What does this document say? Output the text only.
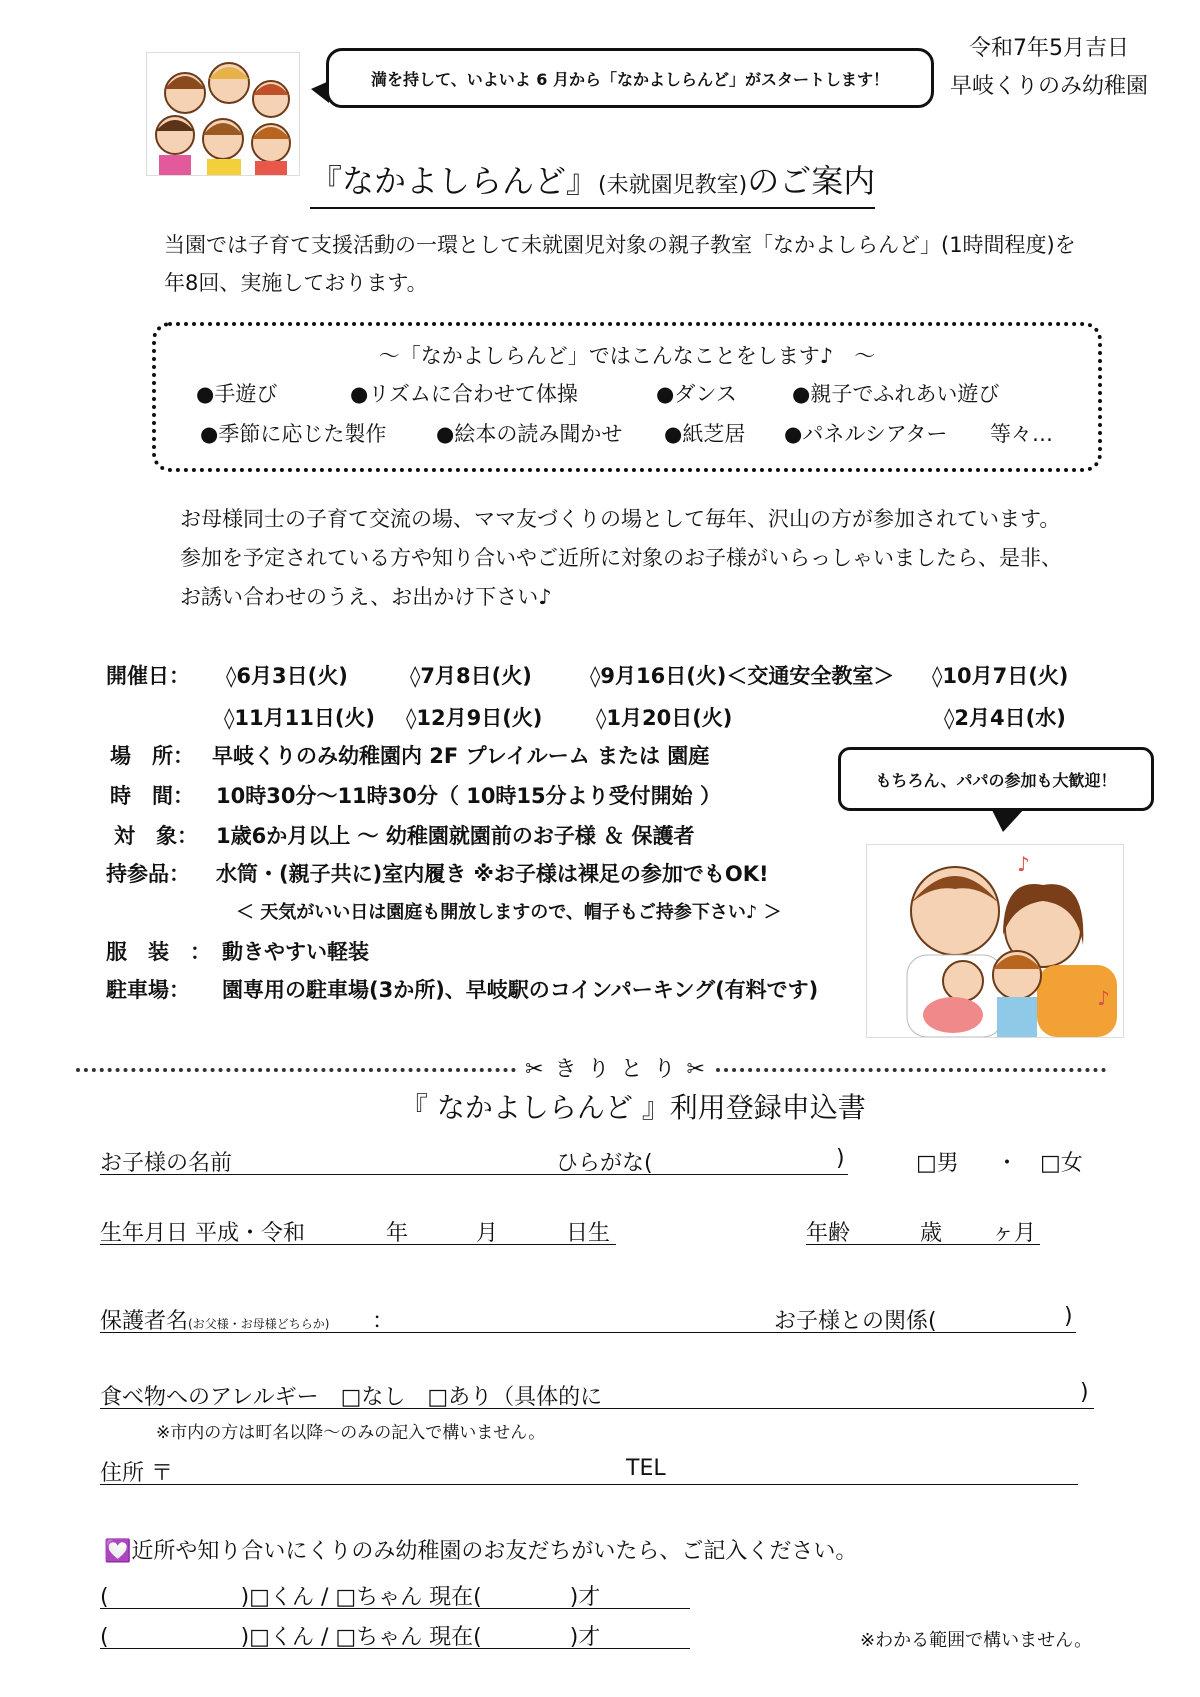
満を持して、いよいよ 6 月から「なかよしらんど」がスタートします！
令和7年5月吉日
早岐くりのみ幼稚園
『なかよしらんど』(未就園児教室)のご案内
当園では子育て支援活動の一環として未就園児対象の親子教室「なかよしらんど」(1時間程度)を
年8回、実施しております。
～「なかよしらんど」ではこんなことをします♪　～
●手遊び	●リズムに合わせて体操	●ダンス	●親子でふれあい遊び
●季節に応じた製作 ●絵本の読み聞かせ ●紙芝居 ●パネルシアター 等々…
お母様同士の子育て交流の場、ママ友づくりの場として毎年、沢山の方が参加されています。
参加を予定されている方や知り合いやご近所に対象のお子様がいらっしゃいましたら、是非、
お誘い合わせのうえ、お出かけ下さい♪
開催日： ◊6月3日(火)	◊7月8日(火)	◊9月16日(火)＜交通安全教室＞ ◊10月7日(火)
◊11月11日(火) ◊12月9日(火)	◊1月20日(火)	◊2月4日(水)
場　所： 早岐くりのみ幼稚園内 2F プレイルーム または 園庭
時　間： 10時30分～11時30分（ 10時15分より受付開始 ）
対　象： 1歳6か月以上 ～ 幼稚園就園前のお子様 ＆ 保護者
持参品： 水筒・(親子共に)室内履き ※お子様は裸足の参加でもOK!
＜ 天気がいい日は園庭も開放しますので、帽子もご持参下さい♪ ＞
服　装　： 動きやすい軽装
駐車場： 園専用の駐車場(3か所)、早岐駅のコインパーキング(有料です)
もちろん、パパの参加も大歓迎！
♪
♪
✂ き り と り ✂
『 なかよしらんど 』利用登録申込書
お子様の名前	ひらがな(	)	□男 ・ □女
生年月日 平成・令和	年	月	日生	年齢	歳 ヶ月
保護者名(お父様・お母様どちらか) ：	お子様との関係(	)
食べ物へのアレルギー　□なし　□あり（具体的に	)
※市内の方は町名以降～のみの記入で構いません。
住所 〒	TEL
💟近所や知り合いにくりのみ幼稚園のお友だちがいたら、ご記入ください。
(　　　　　　)□くん / □ちゃん 現在(　　　　)才
(　　　　　　)□くん / □ちゃん 現在(　　　　)才	※わかる範囲で構いません。
